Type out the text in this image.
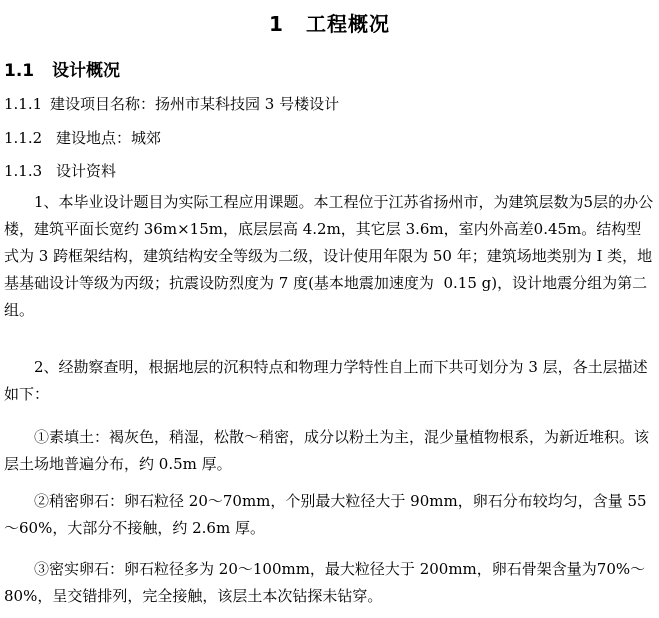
1 工程概况
1.1 设计概况
1.1.1 建设项目名称：扬州市某科技园 3 号楼设计
1.1.2 建设地点：城郊
1.1.3 设计资料
1、本毕业设计题目为实际工程应用课题。本工程位于江苏省扬州市，为建筑层数为5层的办公楼，建筑平面长宽约 36m×15m，底层层高 4.2m，其它层 3.6m，室内外高差0.45m。结构型式为 3 跨框架结构，建筑结构安全等级为二级，设计使用年限为 50 年；建筑场地类别为 Ⅰ 类，地基基础设计等级为丙级；抗震设防烈度为 7 度(基本地震加速度为  0.15 g)，设计地震分组为第二组。
2、经勘察查明，根据地层的沉积特点和物理力学特性自上而下共可划分为 3 层，各土层描述如下：
①素填土：褐灰色，稍湿，松散～稍密，成分以粉土为主，混少量植物根系，为新近堆积。该层土场地普遍分布，约 0.5m 厚。
②稍密卵石：卵石粒径 20～70mm，个别最大粒径大于 90mm，卵石分布较均匀，含量 55～60%，大部分不接触，约 2.6m 厚。
③密实卵石：卵石粒径多为 20～100mm，最大粒径大于 200mm，卵石骨架含量为70%～80%，呈交错排列，完全接触，该层土本次钻探未钻穿。
